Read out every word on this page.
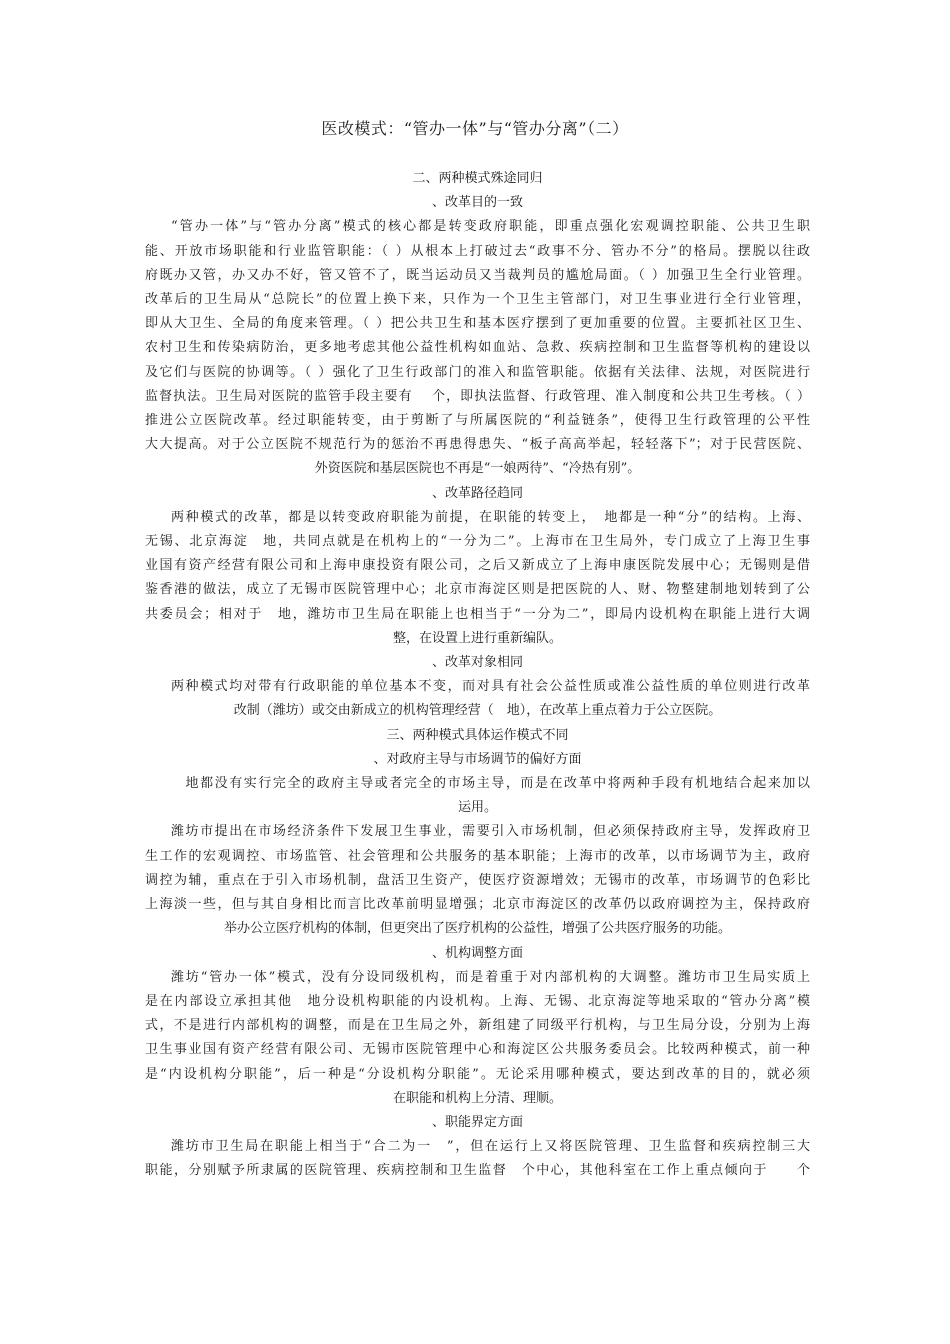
医改模式：“管办一体”与“管办分离”（二）
二、两种模式殊途同归
、改革目的一致
“管办一体”与“管办分离”模式的核心都是转变政府职能，即重点强化宏观调控职能、公共卫生职
能、开放市场职能和行业监管职能：（ ）从根本上打破过去“政事不分、管办不分”的格局。摆脱以往政
府既办又管，办又办不好，管又管不了，既当运动员又当裁判员的尴尬局面。（ ）加强卫生全行业管理。
改革后的卫生局从“总院长”的位置上换下来，只作为一个卫生主管部门，对卫生事业进行全行业管理，
即从大卫生、全局的角度来管理。（ ）把公共卫生和基本医疗摆到了更加重要的位置。主要抓社区卫生、
农村卫生和传染病防治，更多地考虑其他公益性机构如血站、急救、疾病控制和卫生监督等机构的建设以
及它们与医院的协调等。（ ）强化了卫生行政部门的准入和监管职能。依据有关法律、法规，对医院进行
监督执法。卫生局对医院的监管手段主要有　 个，即执法监督、行政管理、准入制度和公共卫生考核。（ ）
推进公立医院改革。经过职能转变，由于剪断了与所属医院的“利益链条”，使得卫生行政管理的公平性
大大提高。对于公立医院不规范行为的惩治不再患得患失、“板子高高举起，轻轻落下”；对于民营医院、
外资医院和基层医院也不再是“一娘两待”、“冷热有别”。
、改革路径趋同
两种模式的改革，都是以转变政府职能为前提，在职能的转变上，　地都是一种“分”的结构。上海、
无锡、北京海淀　地，共同点就是在机构上的“一分为二”。上海市在卫生局外，专门成立了上海卫生事
业国有资产经营有限公司和上海申康投资有限公司，之后又新成立了上海申康医院发展中心；无锡则是借
鉴香港的做法，成立了无锡市医院管理中心；北京市海淀区则是把医院的人、财、物整建制地划转到了公
共委员会；相对于　地，潍坊市卫生局在职能上也相当于“一分为二”，即局内设机构在职能上进行大调
整，在设置上进行重新编队。
、改革对象相同
两种模式均对带有行政职能的单位基本不变，而对具有社会公益性质或准公益性质的单位则进行改革
改制（潍坊）或交由新成立的机构管理经营（　地），在改革上重点着力于公立医院。
三、两种模式具体运作模式不同
、对政府主导与市场调节的偏好方面
　地都没有实行完全的政府主导或者完全的市场主导，而是在改革中将两种手段有机地结合起来加以
运用。
潍坊市提出在市场经济条件下发展卫生事业，需要引入市场机制，但必须保持政府主导，发挥政府卫
生工作的宏观调控、市场监管、社会管理和公共服务的基本职能；上海市的改革，以市场调节为主，政府
调控为辅，重点在于引入市场机制，盘活卫生资产，使医疗资源增效；无锡市的改革，市场调节的色彩比
上海淡一些，但与其自身相比而言比改革前明显增强；北京市海淀区的改革仍以政府调控为主，保持政府
举办公立医疗机构的体制，但更突出了医疗机构的公益性，增强了公共医疗服务的功能。
、机构调整方面
潍坊“管办一体”模式，没有分设同级机构，而是着重于对内部机构的大调整。潍坊市卫生局实质上
是在内部设立承担其他　地分设机构职能的内设机构。上海、无锡、北京海淀等地采取的“管办分离”模
式，不是进行内部机构的调整，而是在卫生局之外，新组建了同级平行机构，与卫生局分设，分别为上海
卫生事业国有资产经营有限公司、无锡市医院管理中心和海淀区公共服务委员会。比较两种模式，前一种
是“内设机构分职能”，后一种是“分设机构分职能”。无论采用哪种模式，要达到改革的目的，就必须
在职能和机构上分清、理顺。
、职能界定方面
潍坊市卫生局在职能上相当于“合二为一　”，但在运行上又将医院管理、卫生监督和疾病控制三大
职能，分别赋予所隶属的医院管理、疾病控制和卫生监督　个中心，其他科室在工作上重点倾向于　　个
